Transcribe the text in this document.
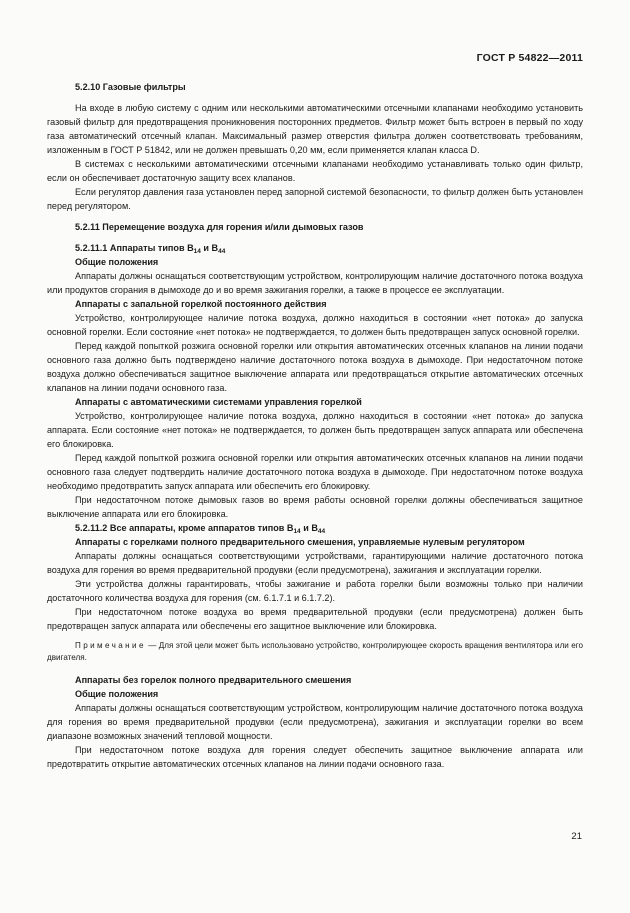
ГОСТ Р 54822—2011
5.2.10 Газовые фильтры
На входе в любую систему с одним или несколькими автоматическими отсечными клапанами необходимо установить газовый фильтр для предотвращения проникновения посторонних предметов. Фильтр может быть встроен в первый по ходу газа автоматический отсечный клапан. Максимальный размер отверстия фильтра должен соответствовать требованиям, изложенным в ГОСТ Р 51842, или не должен превышать 0,20 мм, если применяется клапан класса D.
В системах с несколькими автоматическими отсечными клапанами необходимо устанавливать только один фильтр, если он обеспечивает достаточную защиту всех клапанов.
Если регулятор давления газа установлен перед запорной системой безопасности, то фильтр должен быть установлен перед регулятором.
5.2.11 Перемещение воздуха для горения и/или дымовых газов
5.2.11.1 Аппараты типов $B_{14}$ и $B_{44}$
Общие положения
Аппараты должны оснащаться соответствующим устройством, контролирующим наличие достаточного потока воздуха или продуктов сгорания в дымоходе до и во время зажигания горелки, а также в процессе ее эксплуатации.
Аппараты с запальной горелкой постоянного действия
Устройство, контролирующее наличие потока воздуха, должно находиться в состоянии «нет потока» до запуска основной горелки. Если состояние «нет потока» не подтверждается, то должен быть предотвращен запуск основной горелки.
Перед каждой попыткой розжига основной горелки или открытия автоматических отсечных клапанов на линии подачи основного газа должно быть подтверждено наличие достаточного потока воздуха в дымоходе. При недостаточном потоке воздуха должно обеспечиваться защитное выключение аппарата или предотвращаться открытие автоматических отсечных клапанов на линии подачи основного газа.
Аппараты с автоматическими системами управления горелкой
Устройство, контролирующее наличие потока воздуха, должно находиться в состоянии «нет потока» до запуска аппарата. Если состояние «нет потока» не подтверждается, то должен быть предотвращен запуск аппарата или обеспечена его блокировка.
Перед каждой попыткой розжига основной горелки или открытия автоматических отсечных клапанов на линии подачи основного газа следует подтвердить наличие достаточного потока воздуха в дымоходе. При недостаточном потоке воздуха необходимо предотвратить запуск аппарата или обеспечить его блокировку.
При недостаточном потоке дымовых газов во время работы основной горелки должны обеспечиваться защитное выключение аппарата или его блокировка.
5.2.11.2 Все аппараты, кроме аппаратов типов $B_{14}$ и $B_{44}$
Аппараты с горелками полного предварительного смешения, управляемые нулевым регулятором
Аппараты должны оснащаться соответствующими устройствами, гарантирующими наличие достаточного потока воздуха для горения во время предварительной продувки (если предусмотрена), зажигания и эксплуатации горелки.
Эти устройства должны гарантировать, чтобы зажигание и работа горелки были возможны только при наличии достаточного количества воздуха для горения (см. 6.1.7.1 и 6.1.7.2).
При недостаточном потоке воздуха во время предварительной продувки (если предусмотрена) должен быть предотвращен запуск аппарата или обеспечены его защитное выключение или блокировка.
Примечание — Для этой цели может быть использовано устройство, контролирующее скорость вращения вентилятора или его двигателя.
Аппараты без горелок полного предварительного смешения
Общие положения
Аппараты должны оснащаться соответствующим устройством, контролирующим наличие достаточного потока воздуха для горения во время предварительной продувки (если предусмотрена), зажигания и эксплуатации горелки во всем диапазоне возможных значений тепловой мощности.
При недостаточном потоке воздуха для горения следует обеспечить защитное выключение аппарата или предотвратить открытие автоматических отсечных клапанов на линии подачи основного газа.
21
